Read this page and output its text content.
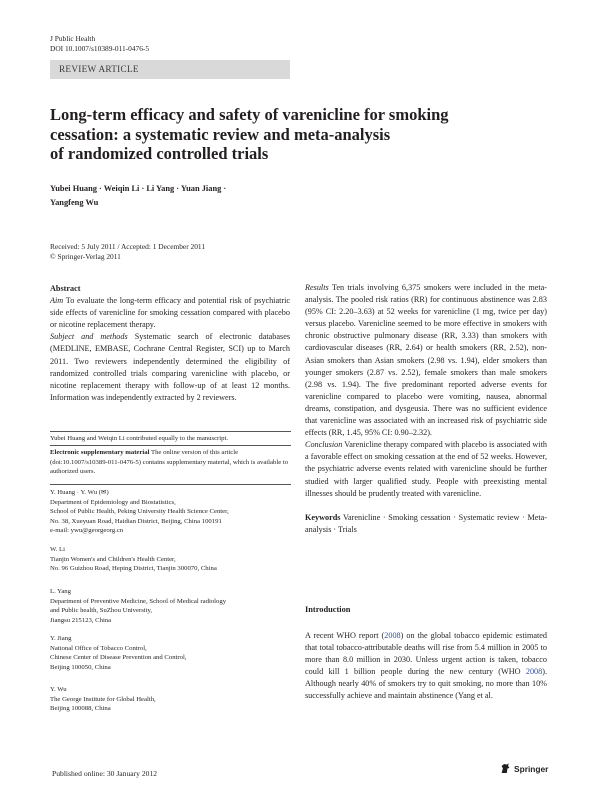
J Public Health
DOI 10.1007/s10389-011-0476-5
REVIEW ARTICLE
Long-term efficacy and safety of varenicline for smoking
cessation: a systematic review and meta-analysis
of randomized controlled trials
Yubei Huang · Weiqin Li · Li Yang · Yuan Jiang ·
Yangfeng Wu
Received: 5 July 2011 / Accepted: 1 December 2011
© Springer-Verlag 2011
Abstract
Aim To evaluate the long-term efficacy and potential risk of psychiatric side effects of varenicline for smoking cessation compared with placebo or nicotine replacement therapy.
Subject and methods Systematic search of electronic databases (MEDLINE, EMBASE, Cochrane Central Register, SCI) up to March 2011. Two reviewers independently determined the eligibility of randomized controlled trials comparing varenicline with placebo, or nicotine replacement therapy with follow-up of at least 12 months. Information was independently extracted by 2 reviewers.
Yubei Huang and Weiqin Li contributed equally to the manuscript.
Electronic supplementary material The online version of this article (doi:10.1007/s10389-011-0476-5) contains supplementary material, which is available to authorized users.
Y. Huang · Y. Wu (✉)
Department of Epidemiology and Biostatistics,
School of Public Health, Peking University Health Science Center,
No. 38, Xueyuan Road, Haidian District, Beijing, China 100191
e-mail: ywu@georgeorg.cn
W. Li
Tianjin Women's and Children's Health Center,
No. 96 Guizhou Road, Heping District, Tianjin 300070, China
L. Yang
Department of Preventive Medicine, School of Medical radiology
and Public health, SuZhou University,
Jiangsu 215123, China
Y. Jiang
National Office of Tobacco Control,
Chinese Center of Disease Prevention and Control,
Beijing 100050, China
Y. Wu
The George Institute for Global Health,
Beijing 100088, China
Results Ten trials involving 6,375 smokers were included in the meta-analysis. The pooled risk ratios (RR) for continuous abstinence was 2.83 (95% CI: 2.20–3.63) at 52 weeks for varenicline (1 mg, twice per day) versus placebo. Varenicline seemed to be more effective in smokers with chronic obstructive pulmonary disease (RR, 3.33) than smokers with cardiovascular diseases (RR, 2.64) or health smokers (RR, 2.52), non-Asian smokers than Asian smokers (2.98 vs. 1.94), elder smokers than younger smokers (2.87 vs. 2.52), female smokers than male smokers (2.98 vs. 1.94). The five predominant reported adverse events for varenicline compared to placebo were vomiting, nausea, abnormal dreams, constipation, and dysgeusia. There was no sufficient evidence that varenicline was associated with an increased risk of psychiatric side effects (RR, 1.45, 95% CI: 0.90–2.32).
Conclusion Varenicline therapy compared with placebo is associated with a favorable effect on smoking cessation at the end of 52 weeks. However, the psychiatric adverse events related with varenicline should be further studied with larger qualified study. People with preexisting mental illnesses should be prudently treated with varenicline.
Keywords Varenicline · Smoking cessation · Systematic review · Meta-analysis · Trials
Introduction
A recent WHO report (2008) on the global tobacco epidemic estimated that total tobacco-attributable deaths will rise from 5.4 million in 2005 to more than 8.0 million in 2030. Unless urgent action is taken, tobacco could kill 1 billion people during the new century (WHO 2008). Although nearly 40% of smokers try to quit smoking, no more than 10% successfully achieve and maintain abstinence (Yang et al.
Published online: 30 January 2012	Springer
